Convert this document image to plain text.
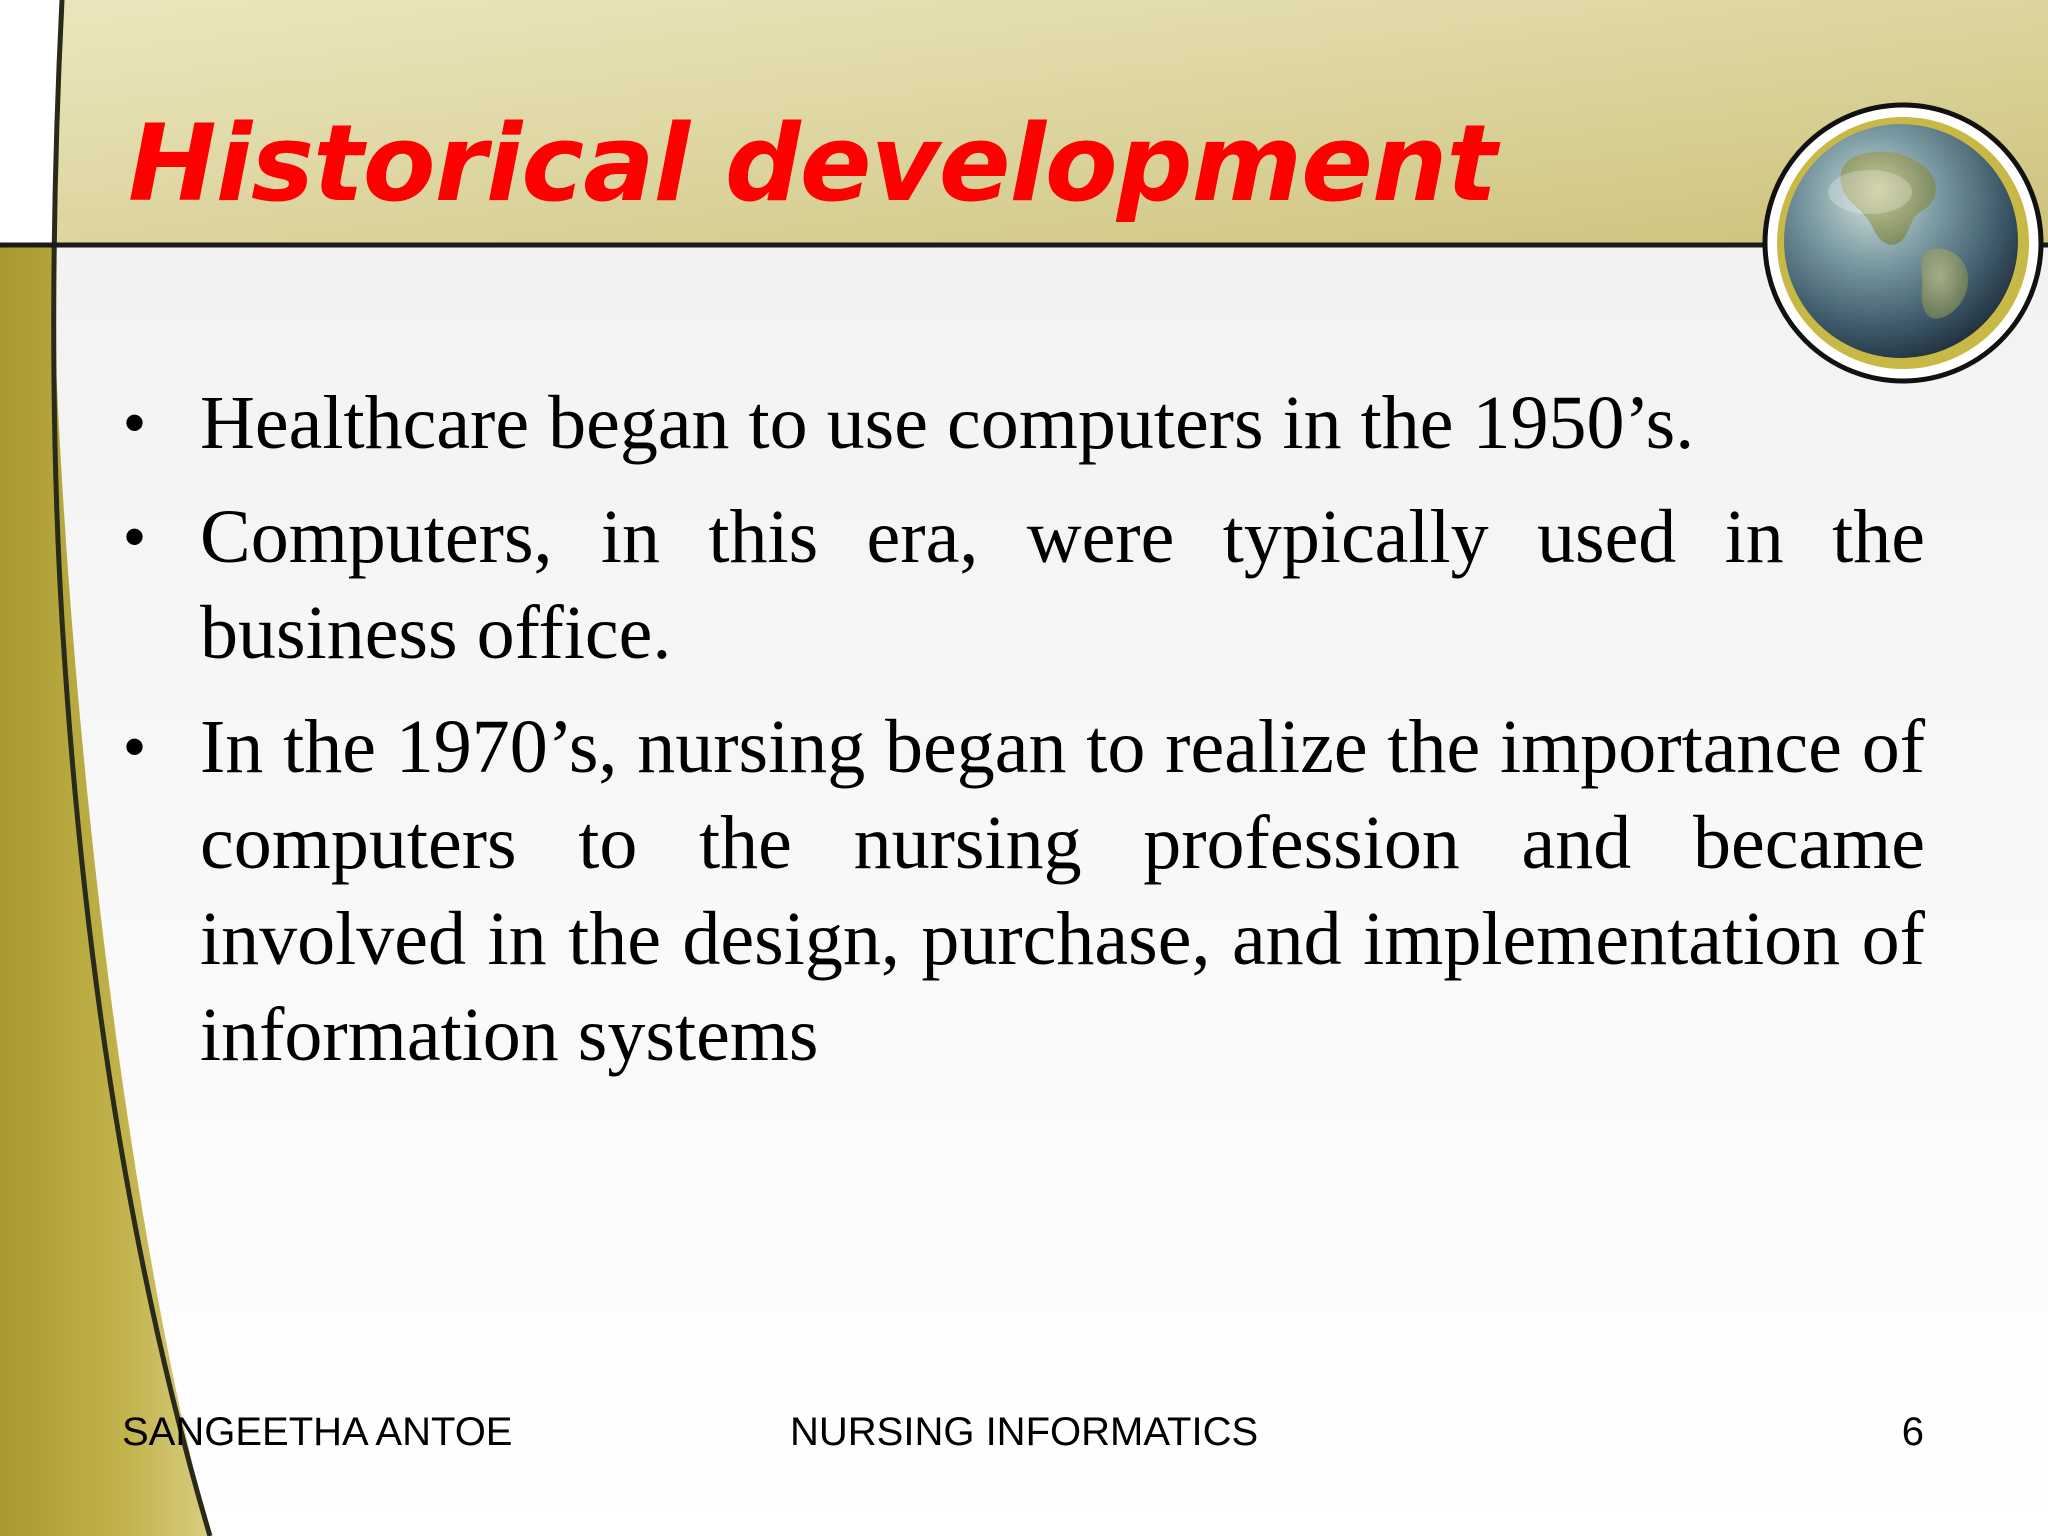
Historical development
• Healthcare began to use computers in the 1950’s.
• Computers, in this era, were typically used in the business office.
• In the 1970’s, nursing began to realize the importance of computers to the nursing profession and became involved in the design, purchase, and implementation of information systems
SANGEETHA ANTOE	NURSING INFORMATICS	6
